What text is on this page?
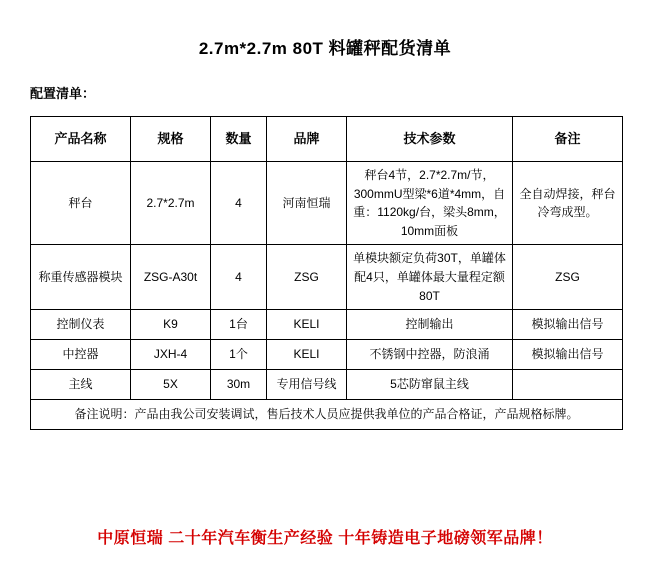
2.7m*2.7m 80T 料罐秤配货清单
配置清单：
产品名称	规格	数量	品牌	技术参数	备注
秤台	2.7*2.7m	4	河南恒瑞	秤台4节，2.7*2.7m/节，300mmU型梁*6道*4mm，自重：1120kg/台，梁头8mm，10mm面板	全自动焊接，秤台冷弯成型。
称重传感器模块	ZSG-A30t	4	ZSG	单模块额定负荷30T，单罐体配4只，单罐体最大量程定额80T	ZSG
控制仪表	K9	1台	KELI	控制输出	模拟输出信号
中控器	JXH-4	1个	KELI	不锈钢中控器，防浪涌	模拟输出信号
主线	5X	30m	专用信号线	5芯防窜鼠主线	
备注说明：产品由我公司安装调试，售后技术人员应提供我单位的产品合格证，产品规格标牌。					
中原恒瑞 二十年汽车衡生产经验 十年铸造电子地磅领军品牌！
